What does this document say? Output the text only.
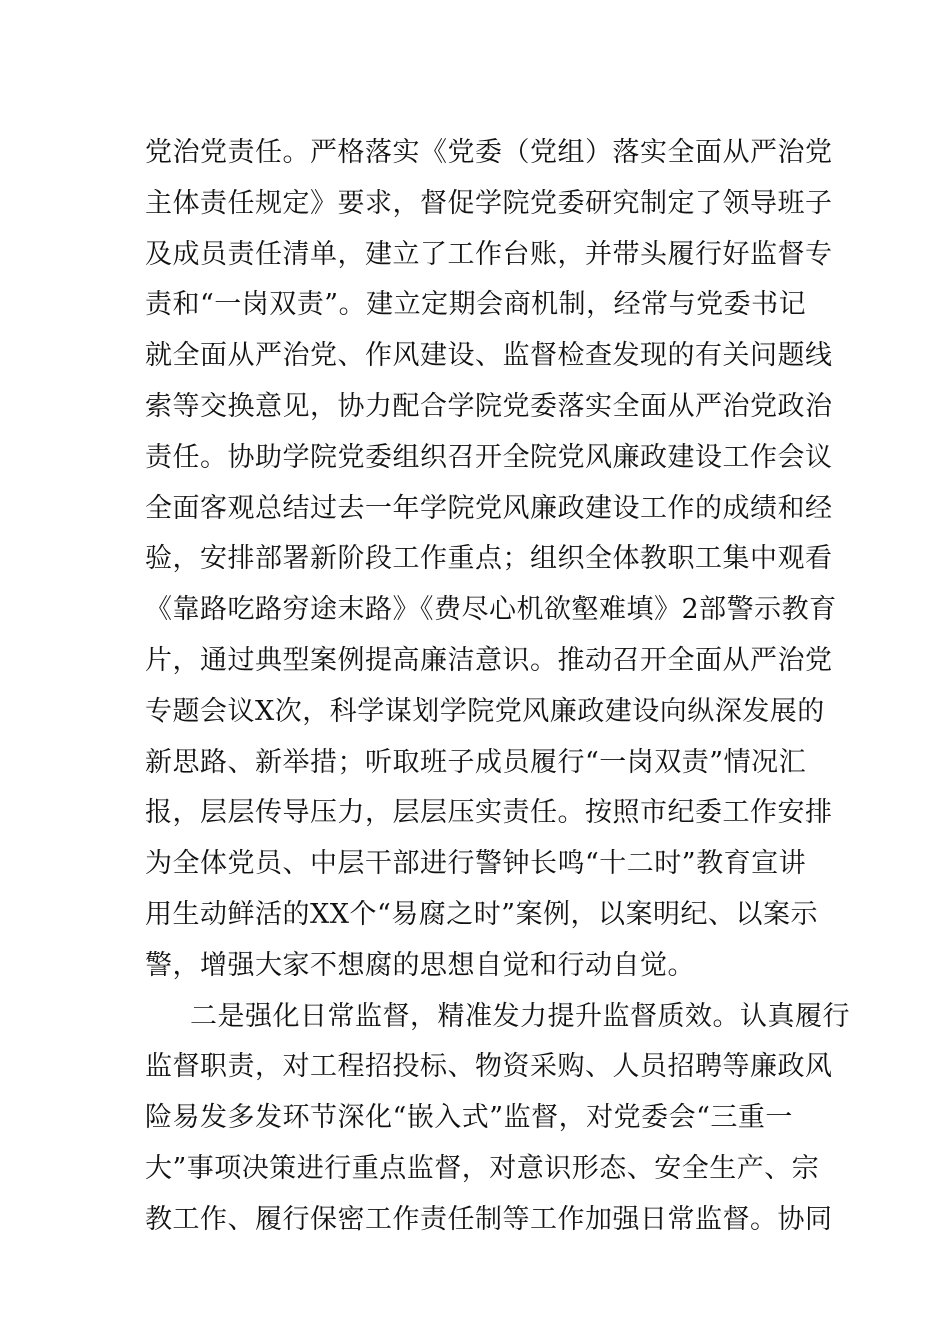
党治党责任。严格落实《党委（党组）落实全面从严治党
主体责任规定》要求，督促学院党委研究制定了领导班子
及成员责任清单，建立了工作台账，并带头履行好监督专
责和“一岗双责”。建立定期会商机制，经常与党委书记
就全面从严治党、作风建设、监督检查发现的有关问题线
索等交换意见，协力配合学院党委落实全面从严治党政治
责任。协助学院党委组织召开全院党风廉政建设工作会议
全面客观总结过去一年学院党风廉政建设工作的成绩和经
验，安排部署新阶段工作重点；组织全体教职工集中观看
《靠路吃路穷途末路》《费尽心机欲壑难填》2部警示教育
片，通过典型案例提高廉洁意识。推动召开全面从严治党
专题会议X次，科学谋划学院党风廉政建设向纵深发展的
新思路、新举措；听取班子成员履行“一岗双责”情况汇
报，层层传导压力，层层压实责任。按照市纪委工作安排
为全体党员、中层干部进行警钟长鸣“十二时”教育宣讲
用生动鲜活的XX个“易腐之时”案例，以案明纪、以案示
警，增强大家不想腐的思想自觉和行动自觉。
二是强化日常监督，精准发力提升监督质效。认真履行
监督职责，对工程招投标、物资采购、人员招聘等廉政风
险易发多发环节深化“嵌入式”监督，对党委会“三重一
大”事项决策进行重点监督，对意识形态、安全生产、宗
教工作、履行保密工作责任制等工作加强日常监督。协同
